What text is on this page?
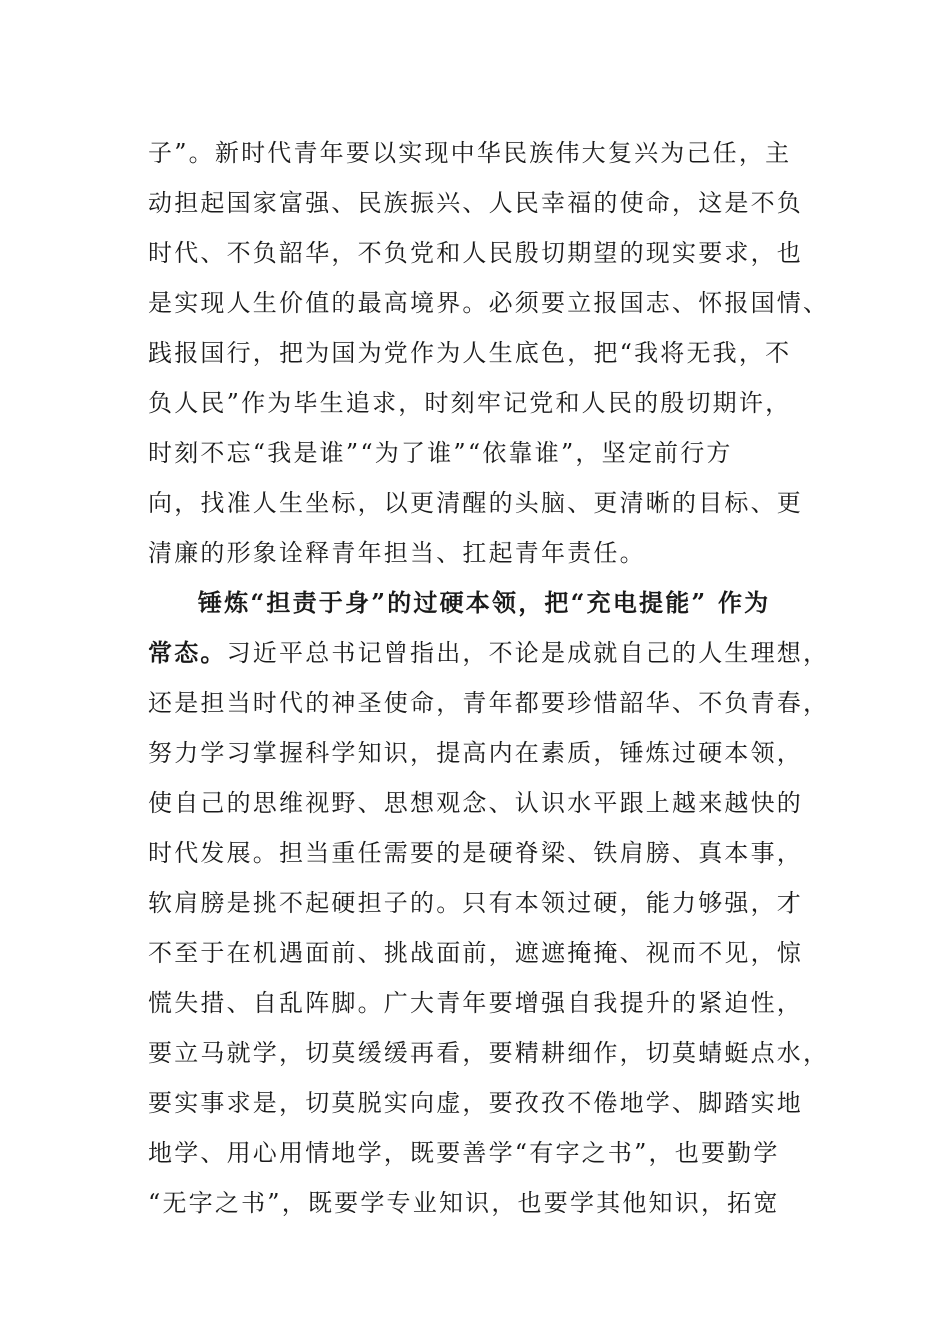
子”。新时代青年要以实现中华民族伟大复兴为己任，主
动担起国家富强、民族振兴、人民幸福的使命，这是不负
时代、不负韶华，不负党和人民殷切期望的现实要求，也
是实现人生价值的最高境界。必须要立报国志、怀报国情、
践报国行，把为国为党作为人生底色，把“我将无我，不
负人民”作为毕生追求，时刻牢记党和人民的殷切期许，
时刻不忘“我是谁”“为了谁”“依靠谁”，坚定前行方
向，找准人生坐标，以更清醒的头脑、更清晰的目标、更
清廉的形象诠释青年担当、扛起青年责任。
锤炼“担责于身”的过硬本领，把“充电提能” 作为
常态。习近平总书记曾指出，不论是成就自己的人生理想，
还是担当时代的神圣使命，青年都要珍惜韶华、不负青春，
努力学习掌握科学知识，提高内在素质，锤炼过硬本领，
使自己的思维视野、思想观念、认识水平跟上越来越快的
时代发展。担当重任需要的是硬脊梁、铁肩膀、真本事，
软肩膀是挑不起硬担子的。只有本领过硬，能力够强，才
不至于在机遇面前、挑战面前，遮遮掩掩、视而不见，惊
慌失措、自乱阵脚。广大青年要增强自我提升的紧迫性，
要立马就学，切莫缓缓再看，要精耕细作，切莫蜻蜓点水，
要实事求是，切莫脱实向虚，要孜孜不倦地学、脚踏实地
地学、用心用情地学，既要善学“有字之书”，也要勤学
“无字之书”，既要学专业知识，也要学其他知识，拓宽
